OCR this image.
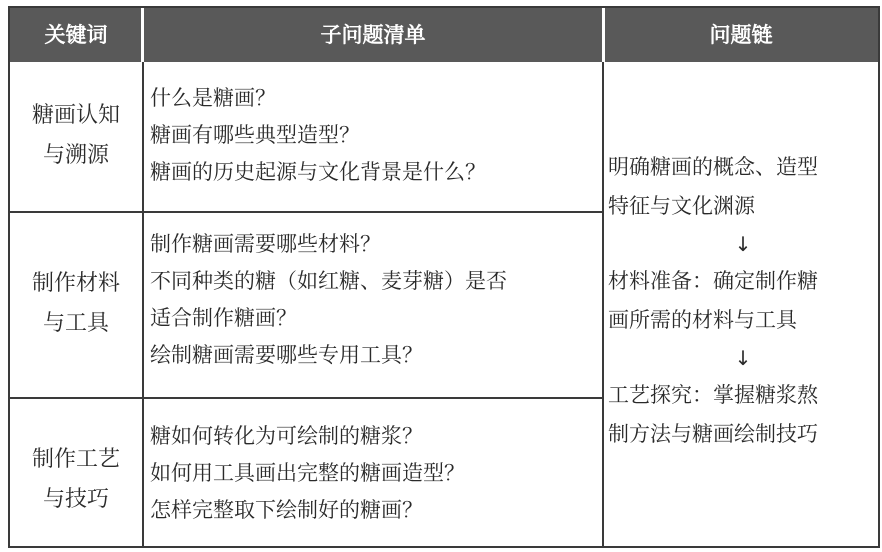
关键词	子问题清单	问题链
糖画认知
与溯源
什么是糖画？
糖画有哪些典型造型？
糖画的历史起源与文化背景是什么？
制作材料
与工具
制作糖画需要哪些材料？
不同种类的糖（如红糖、麦芽糖）是否
适合制作糖画？
绘制糖画需要哪些专用工具？
制作工艺
与技巧
糖如何转化为可绘制的糖浆？
如何用工具画出完整的糖画造型？
怎样完整取下绘制好的糖画？
明确糖画的概念、造型
特征与文化渊源
↓
材料准备：确定制作糖
画所需的材料与工具
↓
工艺探究：掌握糖浆熬
制方法与糖画绘制技巧
